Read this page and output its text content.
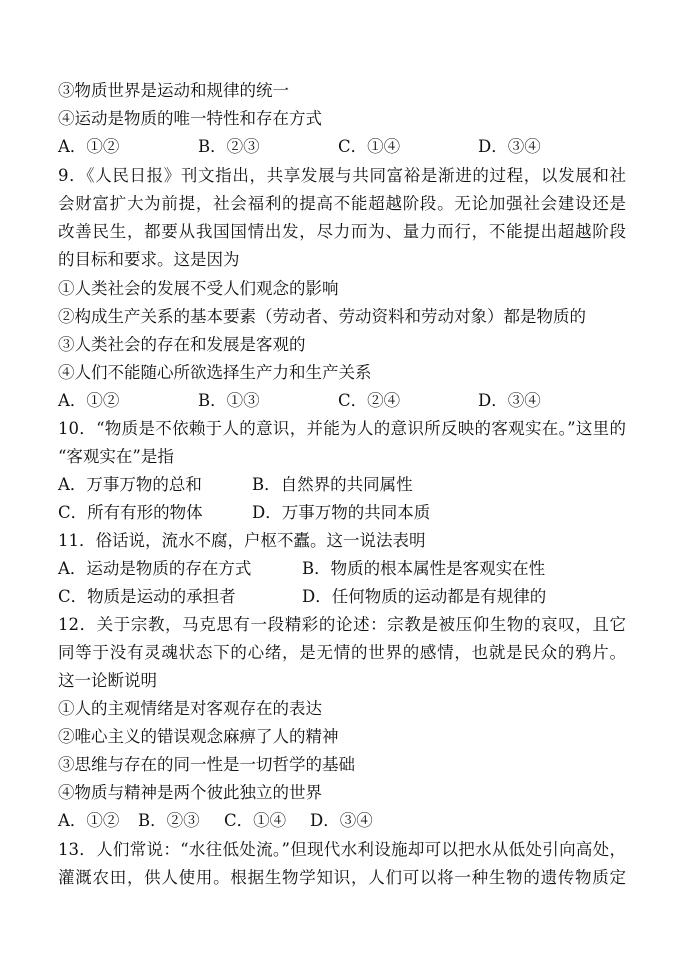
③物质世界是运动和规律的统一
④运动是物质的唯一特性和存在方式
A．①②	B．②③	C．①④	D．③④
9．《人民日报》刊文指出，共享发展与共同富裕是渐进的过程，以发展和社
会财富扩大为前提，社会福利的提高不能超越阶段。无论加强社会建设还是
改善民生，都要从我国国情出发，尽力而为、量力而行，不能提出超越阶段
的目标和要求。这是因为
①人类社会的发展不受人们观念的影响
②构成生产关系的基本要素（劳动者、劳动资料和劳动对象）都是物质的
③人类社会的存在和发展是客观的
④人们不能随心所欲选择生产力和生产关系
A．①②	B．①③	C．②④	D．③④
10．“物质是不依赖于人的意识，并能为人的意识所反映的客观实在。”这里的
“客观实在”是指
A．万事万物的总和	B．自然界的共同属性
C．所有有形的物体	D．万事万物的共同本质
11．俗话说，流水不腐，户枢不蠹。这一说法表明
A．运动是物质的存在方式	B．物质的根本属性是客观实在性
C．物质是运动的承担者	D．任何物质的运动都是有规律的
12．关于宗教，马克思有一段精彩的论述：宗教是被压仰生物的哀叹，且它
同等于没有灵魂状态下的心绪，是无情的世界的感情，也就是民众的鸦片。
这一论断说明
①人的主观情绪是对客观存在的表达
②唯心主义的错误观念麻痹了人的精神
③思维与存在的同一性是一切哲学的基础
④物质与精神是两个彼此独立的世界
A．①② B．②③ C．①④ D．③④
13．人们常说：“水往低处流。”但现代水利设施却可以把水从低处引向高处，
灌溉农田，供人使用。根据生物学知识，人们可以将一种生物的遗传物质定
